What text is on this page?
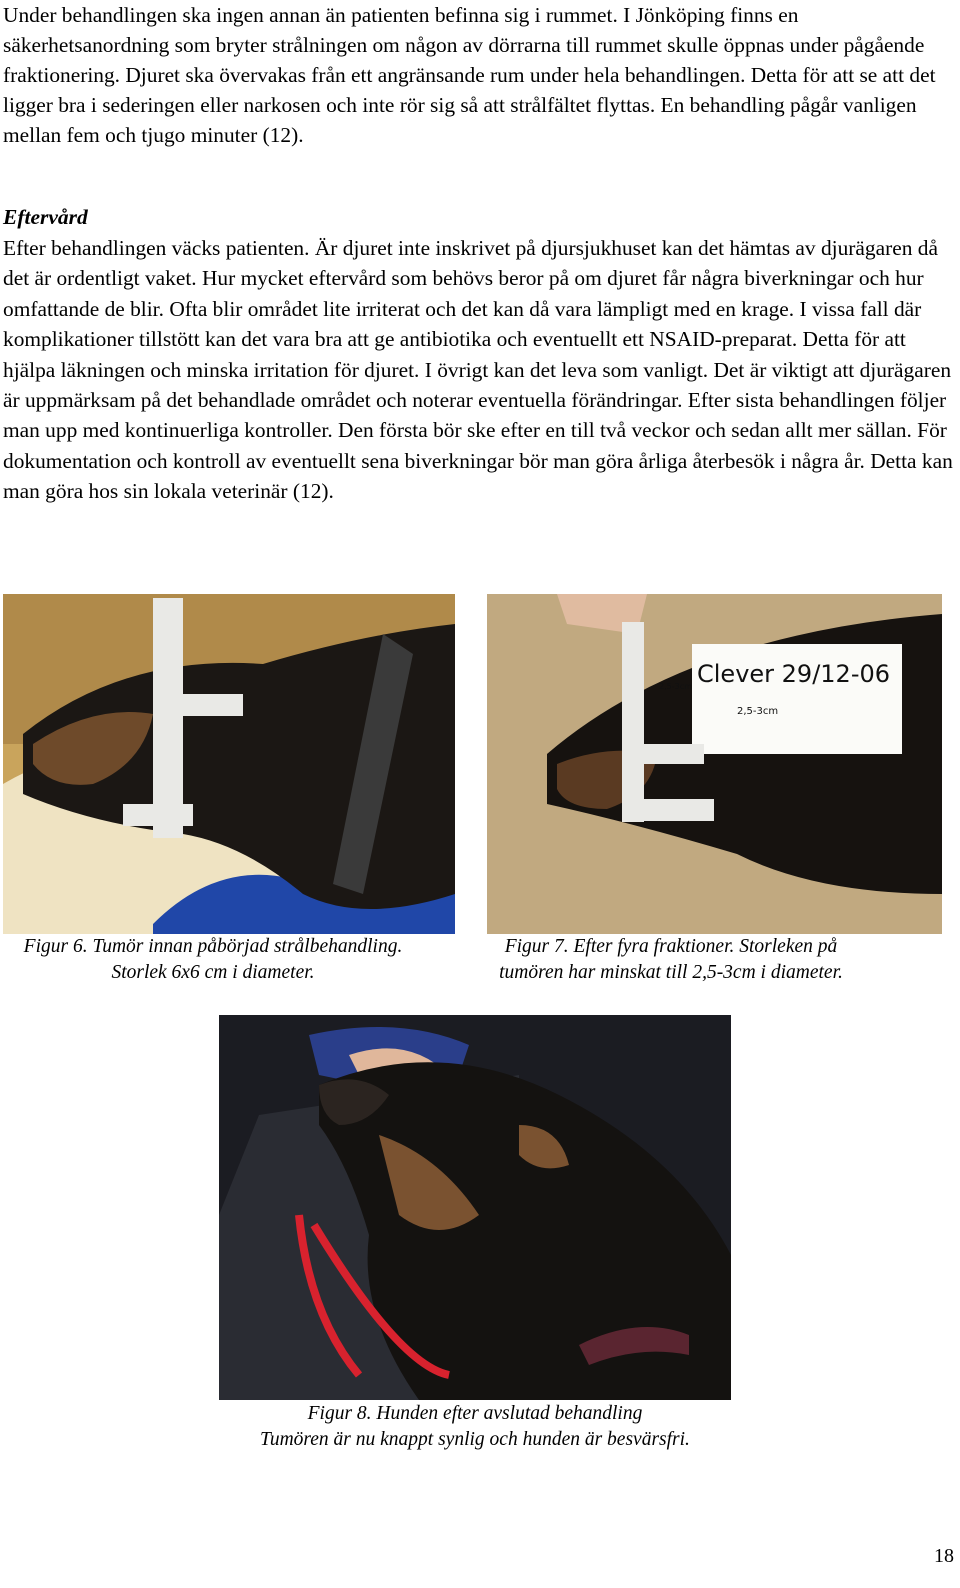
Under behandlingen ska ingen annan än patienten befinna sig i rummet. I Jönköping finns en säkerhetsanordning som bryter strålningen om någon av dörrarna till rummet skulle öppnas under pågående fraktionering. Djuret ska övervakas från ett angränsande rum under hela behandlingen. Detta för att se att det ligger bra i sederingen eller narkosen och inte rör sig så att strålfältet flyttas. En behandling pågår vanligen mellan fem och tjugo minuter (12).

Eftervård

Efter behandlingen väcks patienten. Är djuret inte inskrivet på djursjukhuset kan det hämtas av djurägaren då det är ordentligt vaket. Hur mycket eftervård som behövs beror på om djuret får några biverkningar och hur omfattande de blir. Ofta blir området lite irriterat och det kan då vara lämpligt med en krage. I vissa fall där komplikationer tillstött kan det vara bra att ge antibiotika och eventuellt ett NSAID-preparat. Detta för att hjälpa läkningen och minska irritation för djuret. I övrigt kan det leva som vanligt. Det är viktigt att djurägaren är uppmärksam på det behandlade området och noterar eventuella förändringar. Efter sista behandlingen följer man upp med kontinuerliga kontroller. Den första bör ske efter en till två veckor och sedan allt mer sällan. För dokumentation och kontroll av eventuellt sena biverkningar bör man göra årliga återbesök i några år. Detta kan man göra hos sin lokala veterinär (12).

Clever 29/12-06
2,5-3cm
2,5-3cm
Figur 6. Tumör innan påbörjad strålbehandling.
Storlek 6x6 cm i diameter.
Figur 7. Efter fyra fraktioner. Storleken på
tumören har minskat till 2,5-3cm i diameter.
Figur 8. Hunden efter avslutad behandling
Tumören är nu knappt synlig och hunden är besvärsfri.
18
